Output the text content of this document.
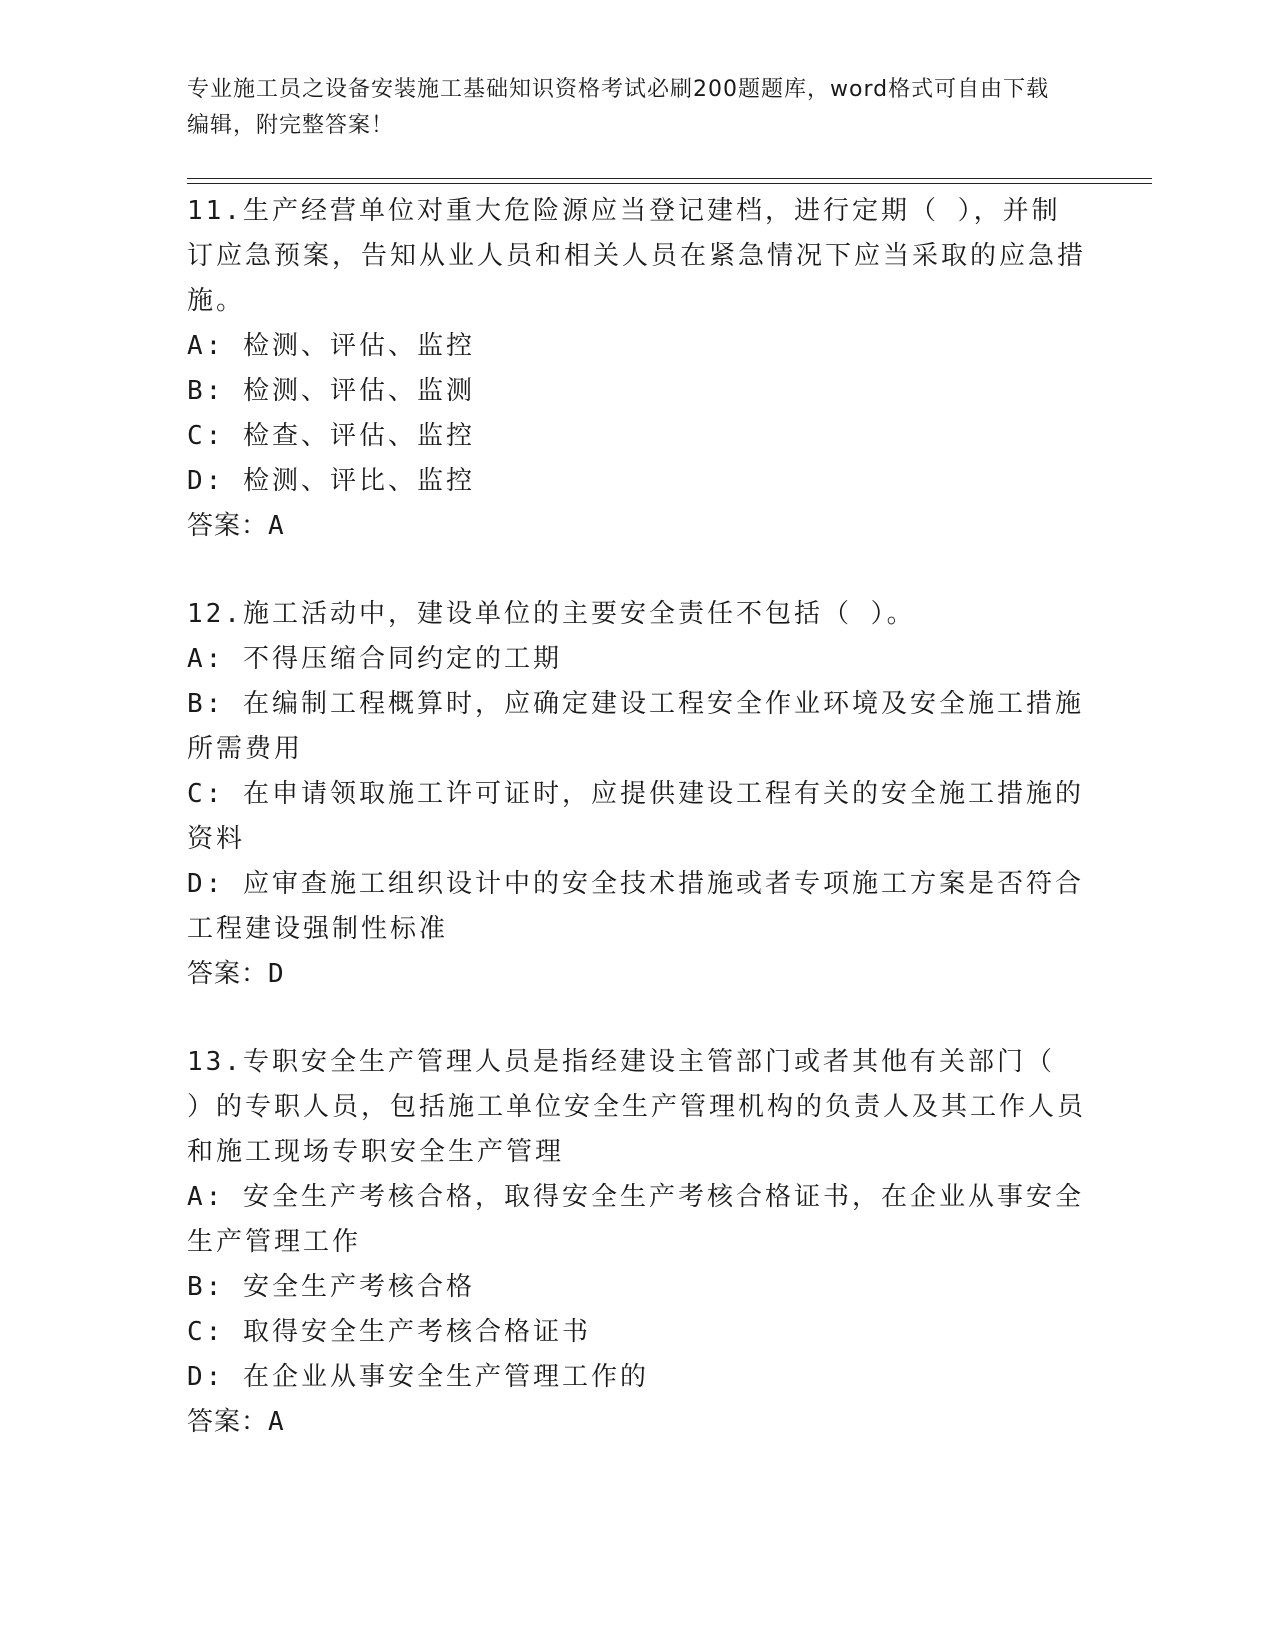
专业施工员之设备安装施工基础知识资格考试必刷200题题库，word格式可自由下载编辑，附完整答案！
11.生产经营单位对重大危险源应当登记建档，进行定期（ ），并制订应急预案，告知从业人员和相关人员在紧急情况下应当采取的应急措施。
A: 检测、评估、监控
B: 检测、评估、监测
C: 检查、评估、监控
D: 检测、评比、监控
答案：A
12.施工活动中，建设单位的主要安全责任不包括（ ）。
A: 不得压缩合同约定的工期
B: 在编制工程概算时，应确定建设工程安全作业环境及安全施工措施所需费用
C: 在申请领取施工许可证时，应提供建设工程有关的安全施工措施的资料
D: 应审查施工组织设计中的安全技术措施或者专项施工方案是否符合工程建设强制性标准
答案：D
13.专职安全生产管理人员是指经建设主管部门或者其他有关部门（ ）的专职人员，包括施工单位安全生产管理机构的负责人及其工作人员和施工现场专职安全生产管理
A: 安全生产考核合格，取得安全生产考核合格证书，在企业从事安全生产管理工作
B: 安全生产考核合格
C: 取得安全生产考核合格证书
D: 在企业从事安全生产管理工作的
答案：A
